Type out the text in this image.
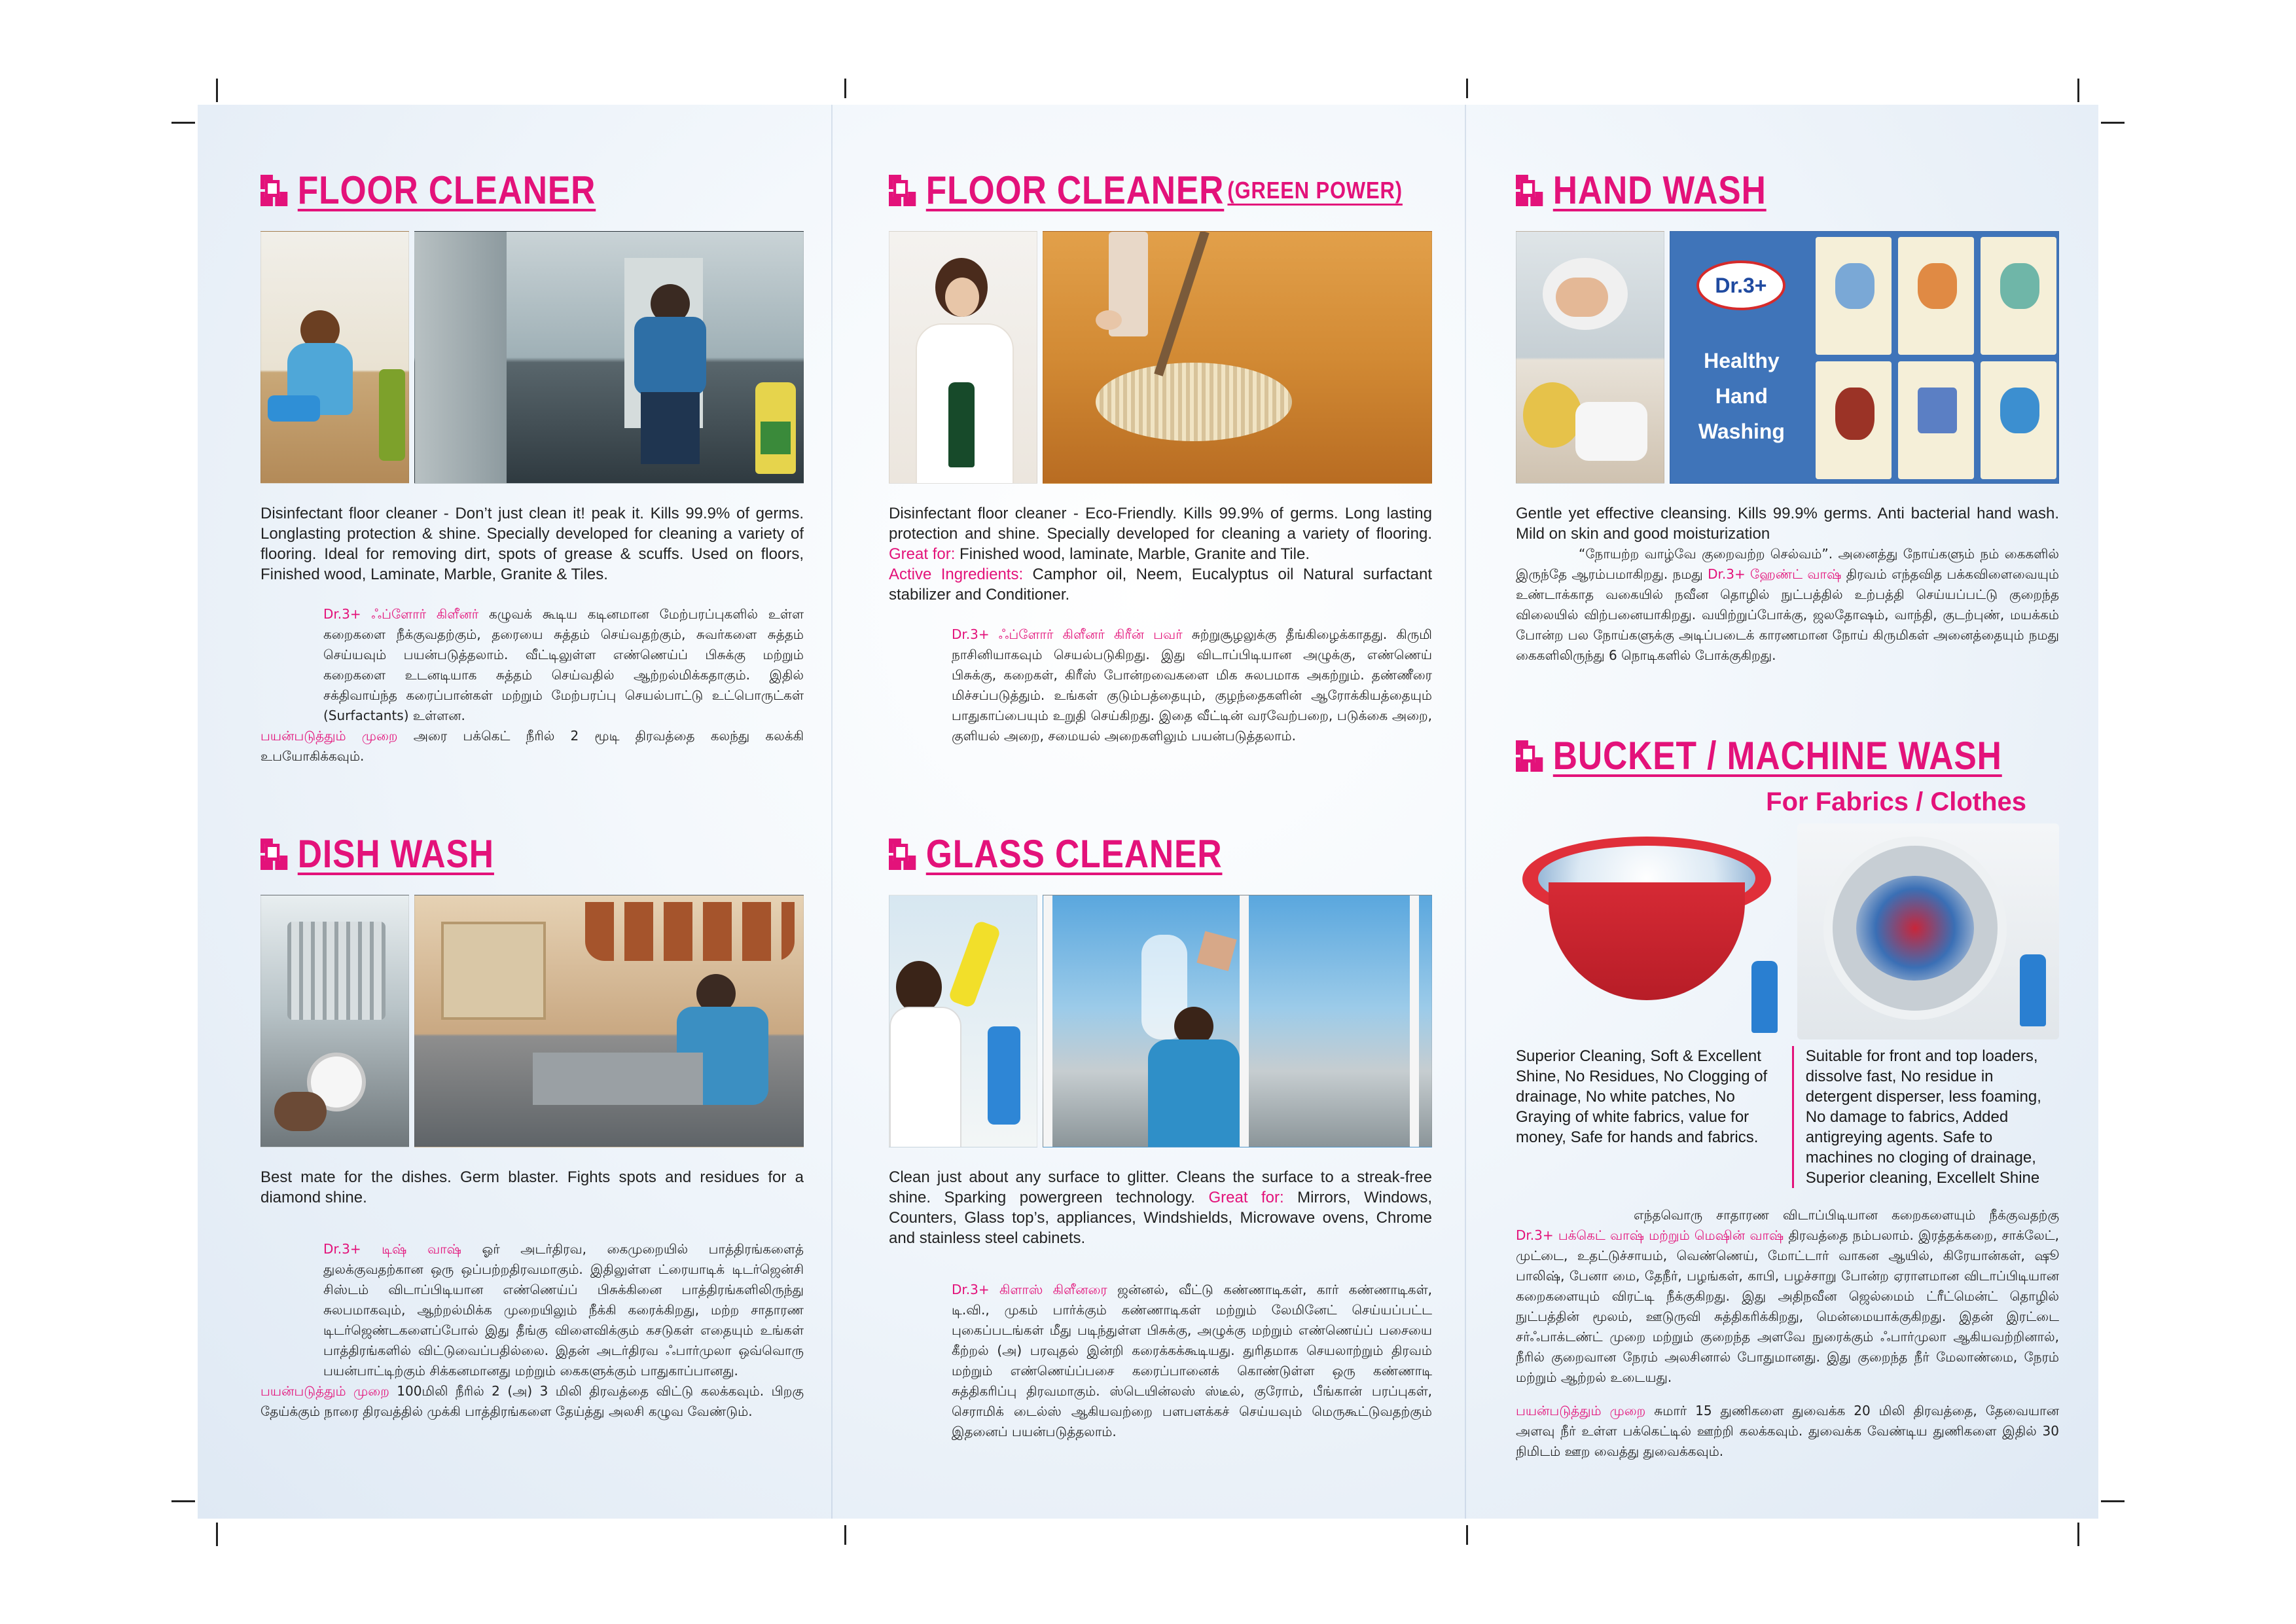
FLOOR CLEANER

Disinfectant floor cleaner - Don’t just clean it! peak it. Kills 99.9% of germs. Longlasting protection & shine. Specially developed for cleaning a variety of flooring. Ideal for removing dirt, spots of grease & scuffs. Used on floors, Finished wood, Laminate, Marble, Granite & Tiles.

Dr.3+ ஃப்ளோர் கிளீனர் கழுவக் கூடிய கடினமான மேற்பரப்புகளில் உள்ள கறைகளை நீக்குவதற்கும், தரையை சுத்தம் செய்வதற்கும், சுவர்களை சுத்தம் செய்யவும் பயன்படுத்தலாம். வீட்டிலுள்ள எண்ணெய்ப் பிசுக்கு மற்றும் கறைகளை உடனடியாக சுத்தம் செய்வதில் ஆற்றல்மிக்கதாகும். இதில் சக்திவாய்ந்த கரைப்பான்கள் மற்றும் மேற்பரப்பு செயல்பாட்டு உட்பொருட்கள் (Surfactants) உள்ளன.

பயன்படுத்தும் முறை அரை பக்கெட் நீரில் 2 மூடி திரவத்தை கலந்து கலக்கி உபயோகிக்கவும்.

DISH WASH

Best mate for the dishes. Germ blaster. Fights spots and residues for a diamond shine.

Dr.3+ டிஷ் வாஷ் ஓர் அடர்திரவ, கைமுறையில் பாத்திரங்களைத் துலக்குவதற்கான ஒரு ஒப்பற்றதிரவமாகும். இதிலுள்ள ட்ரையாடிக் டிடர்ஜென்சி சிஸ்டம் விடாப்பிடியான எண்ணெய்ப் பிசுக்கினை பாத்திரங்களிலிருந்து சுலபமாகவும், ஆற்றல்மிக்க முறையிலும் நீக்கி கரைக்கிறது, மற்ற சாதாரண டிடர்ஜெண்டகளைப்போல் இது தீங்கு விளைவிக்கும் கசடுகள் எதையும் உங்கள் பாத்திரங்களில் விட்டுவைப்பதில்லை. இதன் அடர்திரவ ஃபார்முலா ஒவ்வொரு பயன்பாட்டிற்கும் சிக்கனமானது மற்றும் கைகளுக்கும் பாதுகாப்பானது.

பயன்படுத்தும் முறை 100மிலி நீரில் 2 (அ) 3 மிலி திரவத்தை விட்டு கலக்கவும். பிறகு தேய்க்கும் நாரை திரவத்தில் முக்கி பாத்திரங்களை தேய்த்து அலசி கழுவ வேண்டும்.

FLOOR CLEANER (GREEN POWER)

Disinfectant floor cleaner - Eco-Friendly. Kills 99.9% of germs. Long lasting protection and shine. Specially developed for cleaning a variety of flooring. Great for: Finished wood, laminate, Marble, Granite and Tile.
Active Ingredients: Camphor oil, Neem, Eucalyptus oil Natural surfactant stabilizer and Conditioner.

Dr.3+ ஃப்ளோர் கிளீனர் கிரீன் பவர் சுற்றுசூழலுக்கு தீங்கிழைக்காதது. கிருமி நாசினியாகவும் செயல்படுகிறது. இது விடாப்பிடியான அழுக்கு, எண்ணெய் பிசுக்கு, கறைகள், கிரீஸ் போன்றவைகளை மிக சுலபமாக அகற்றும். தண்ணீரை மிச்சப்படுத்தும். உங்கள் குடும்பத்தையும், குழந்தைகளின் ஆரோக்கியத்தையும் பாதுகாப்பையும் உறுதி செய்கிறது. இதை வீட்டின் வரவேற்பறை, படுக்கை அறை, குளியல் அறை, சமையல் அறைகளிலும் பயன்படுத்தலாம்.

GLASS CLEANER

Clean just about any surface to glitter. Cleans the surface to a streak-free shine. Sparking powergreen technology. Great for: Mirrors, Windows, Counters, Glass top’s, appliances, Windshields, Microwave ovens, Chrome and stainless steel cabinets.

Dr.3+ கிளாஸ் கிளீனரை ஜன்னல், வீட்டு கண்ணாடிகள், கார் கண்ணாடிகள், டி.வி., முகம் பார்க்கும் கண்ணாடிகள் மற்றும் லேமினேட் செய்யப்பட்ட புகைப்படங்கள் மீது படிந்துள்ள பிசுக்கு, அழுக்கு மற்றும் எண்ணெய்ப் பசையை கீற்றல் (அ) பரவுதல் இன்றி கரைக்கக்கூடியது. துரிதமாக செயலாற்றும் திரவம் மற்றும் எண்ணெய்ப்பசை கரைப்பானைக் கொண்டுள்ள ஒரு கண்ணாடி சுத்திகரிப்பு திரவமாகும். ஸ்டெயின்லஸ் ஸ்டீல், குரோம், பீங்கான் பரப்புகள், செராமிக் டைல்ஸ் ஆகியவற்றை பளபளக்கச் செய்யவும் மெருகூட்டுவதற்கும் இதனைப் பயன்படுத்தலாம்.

HAND WASH
Dr.3+
Healthy Hand Washing

Gentle yet effective cleansing. Kills 99.9% germs. Anti bacterial hand wash. Mild on skin and good moisturization

“நோயற்ற வாழ்வே குறைவற்ற செல்வம்”. அனைத்து நோய்களும் நம் கைகளில் இருந்தே ஆரம்பமாகிறது. நமது Dr.3+ ஹேண்ட் வாஷ் திரவம் எந்தவித பக்கவிளைவையும் உண்டாக்காத வகையில் நவீன தொழில் நுட்பத்தில் உற்பத்தி செய்யப்பட்டு குறைந்த விலையில் விற்பனையாகிறது. வயிற்றுப்போக்கு, ஜலதோஷம், வாந்தி, குடற்புண், மயக்கம் போன்ற பல நோய்களுக்கு அடிப்படைக் காரணமான நோய் கிருமிகள் அனைத்தையும் நமது கைகளிலிருந்து 6 நொடிகளில் போக்குகிறது.

BUCKET / MACHINE WASH
For Fabrics / Clothes
Superior Cleaning, Soft & Excellent Shine, No Residues, No Clogging of drainage, No white patches, No Graying of white fabrics, value for money, Safe for hands and fabrics.
Suitable for front and top loaders, dissolve fast, No residue in detergent disperser, less foaming, No damage to fabrics, Added antigreying agents. Safe to machines no cloging of drainage, Superior cleaning, Excellelt Shine

எந்தவொரு சாதாரண விடாப்பிடியான கறைகளையும் நீக்குவதற்கு Dr.3+ பக்கெட் வாஷ் மற்றும் மெஷின் வாஷ் திரவத்தை நம்பலாம். இரத்தக்கறை, சாக்லேட், முட்டை, உதட்டுச்சாயம், வெண்ணெய், மோட்டார் வாகன ஆயில், கிரேயான்கள், ஷூ பாலிஷ், பேனா மை, தேநீர், பழங்கள், காபி, பழச்சாறு போன்ற ஏராளமான விடாப்பிடியான கறைகளையும் விரட்டி நீக்குகிறது. இது அதிநவீன ஜெல்மைம் ட்ரீட்மென்ட் தொழில் நுட்பத்தின் மூலம், ஊடுருவி சுத்திகரிக்கிறது, மென்மையாக்குகிறது. இதன் இரட்டை சர்ஃபாக்டண்ட் முறை மற்றும் குறைந்த அளவே நுரைக்கும் ஃபார்முலா ஆகியவற்றினால், நீரில் குறைவான நேரம் அலசினால் போதுமானது. இது குறைந்த நீர் மேலாண்மை, நேரம் மற்றும் ஆற்றல் உடையது.

பயன்படுத்தும் முறை சுமார் 15 துணிகளை துவைக்க 20 மிலி திரவத்தை, தேவையான அளவு நீர் உள்ள பக்கெட்டில் ஊற்றி கலக்கவும். துவைக்க வேண்டிய துணிகளை இதில் 30 நிமிடம் ஊற வைத்து துவைக்கவும்.
